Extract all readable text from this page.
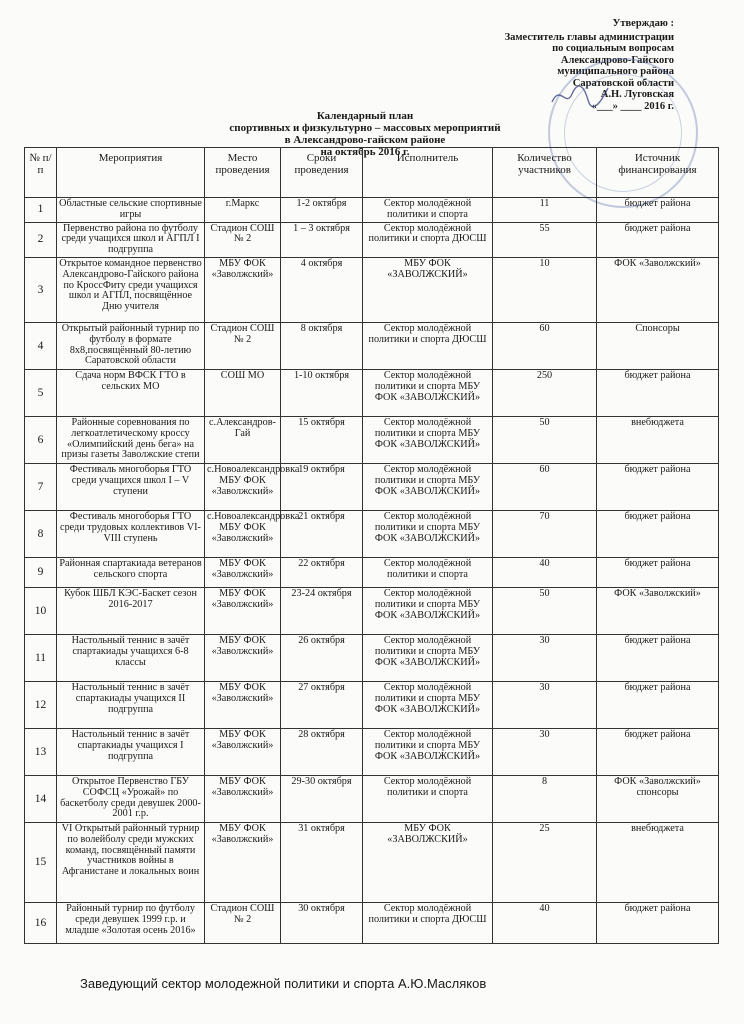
Утверждаю :
Заместитель главы администрации
по социальным вопросам
Александрово-Гайского
муниципального района
Саратовской области
А.Н. Луговская
«___» ____ 2016 г.
Календарный план
спортивных и физкультурно – массовых мероприятий
в Александрово-гайском районе
на октябрь 2016 г.
№ п/п	Мероприятия	Место проведения	Сроки проведения	Исполнитель	Количество участников	Источник финансирования
1	Областные сельские спортивные игры	г.Маркс	1-2 октября	Сектор молодёжной политики и спорта	11	бюджет района
2	Первенство района по футболу среди учащихся школ и АГПЛ I подгруппа	Стадион СОШ № 2	1 – 3 октября	Сектор молодёжной политики и спорта ДЮСШ	55	бюджет района
3	Открытое командное первенство Александрово-Гайского района по КроссФиту среди учащихся школ и АГПЛ, посвящённое Дню учителя	МБУ ФОК «Заволжский»	4 октября	МБУ ФОК «ЗАВОЛЖСКИЙ»	10	ФОК «Заволжский»
4	Открытый районный турнир по футболу в формате 8х8,посвящённый 80-летию Саратовской области	Стадион СОШ № 2	8 октября	Сектор молодёжной политики и спорта ДЮСШ	60	Спонсоры
5	Сдача норм ВФСК ГТО в сельских МО	СОШ МО	1-10 октября	Сектор молодёжной политики и спорта МБУ ФОК «ЗАВОЛЖСКИЙ»	250	бюджет района
6	Районные соревнования по легкоатлетическому кроссу «Олимпийский день бега» на призы газеты Заволжские степи	с.Александров-Гай	15 октября	Сектор молодёжной политики и спорта МБУ ФОК «ЗАВОЛЖСКИЙ»	50	внебюджета
7	Фестиваль многоборья ГТО среди учащихся школ I – V ступени	с.Новоалександровка МБУ ФОК «Заволжский»	19 октября	Сектор молодёжной политики и спорта МБУ ФОК «ЗАВОЛЖСКИЙ»	60	бюджет района
8	Фестиваль многоборья ГТО среди трудовых коллективов VI-VIII ступень	с.Новоалександровка МБУ ФОК «Заволжский»	21 октября	Сектор молодёжной политики и спорта МБУ ФОК «ЗАВОЛЖСКИЙ»	70	бюджет района
9	Районная спартакиада ветеранов сельского спорта	МБУ ФОК «Заволжский»	22 октября	Сектор молодёжной политики и спорта	40	бюджет района
10	Кубок ШБЛ КЭС-Баскет сезон 2016-2017	МБУ ФОК «Заволжский»	23-24 октября	Сектор молодёжной политики и спорта МБУ ФОК «ЗАВОЛЖСКИЙ»	50	ФОК «Заволжский»
11	Настольный теннис в зачёт спартакиады учащихся 6-8 классы	МБУ ФОК «Заволжский»	26 октября	Сектор молодёжной политики и спорта МБУ ФОК «ЗАВОЛЖСКИЙ»	30	бюджет района
12	Настольный теннис в зачёт спартакиады учащихся II подгруппа	МБУ ФОК «Заволжский»	27 октября	Сектор молодёжной политики и спорта МБУ ФОК «ЗАВОЛЖСКИЙ»	30	бюджет района
13	Настольный теннис в зачёт спартакиады учащихся I подгруппа	МБУ ФОК «Заволжский»	28 октября	Сектор молодёжной политики и спорта МБУ ФОК «ЗАВОЛЖСКИЙ»	30	бюджет района
14	Открытое Первенство ГБУ СОФСЦ «Урожай» по баскетболу среди девушек 2000-2001 г.р.	МБУ ФОК «Заволжский»	29-30 октября	Сектор молодёжной политики и спорта	8	ФОК «Заволжский» спонсоры
15	VI Открытый районный турнир по волейболу среди мужских команд, посвящённый памяти участников войны в Афганистане и локальных воин	МБУ ФОК «Заволжский»	31 октября	МБУ ФОК «ЗАВОЛЖСКИЙ»	25	внебюджета
16	Районный турнир по футболу среди девушек 1999 г.р. и младше «Золотая осень 2016»	Стадион СОШ № 2	30 октября	Сектор молодёжной политики и спорта ДЮСШ	40	бюджет района
Заведующий сектор молодежной политики и спорта А.Ю.Масляков
